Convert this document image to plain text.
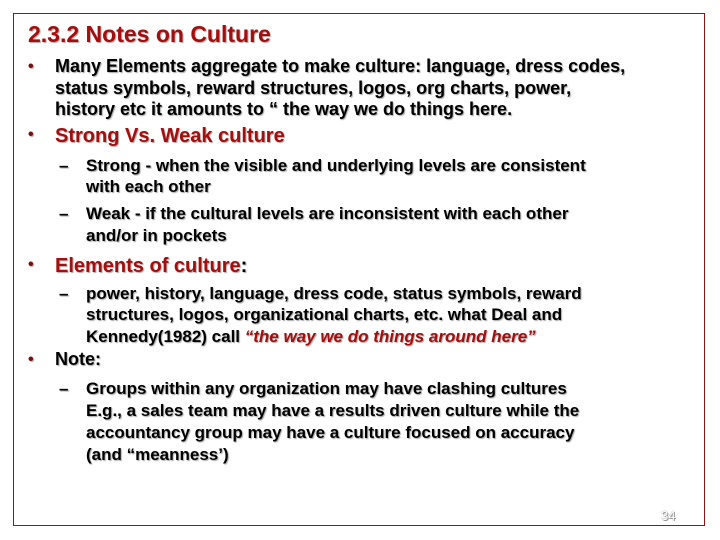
2.3.2 Notes on Culture
• Many Elements aggregate to make culture: language, dress codes,
status symbols, reward structures, logos, org charts, power,
history etc it amounts to “ the way we do things here.
• Strong Vs. Weak culture
– Strong - when the visible and underlying levels are consistent
with each other
– Weak - if the cultural levels are inconsistent with each other
and/or in pockets
• Elements of culture:
– power, history, language, dress code, status symbols, reward
structures, logos, organizational charts, etc. what Deal and
Kennedy(1982) call “the way we do things around here”
• Note:
– Groups within any organization may have clashing cultures
E.g., a sales team may have a results driven culture while the
accountancy group may have a culture focused on accuracy
(and “meanness’)
34
